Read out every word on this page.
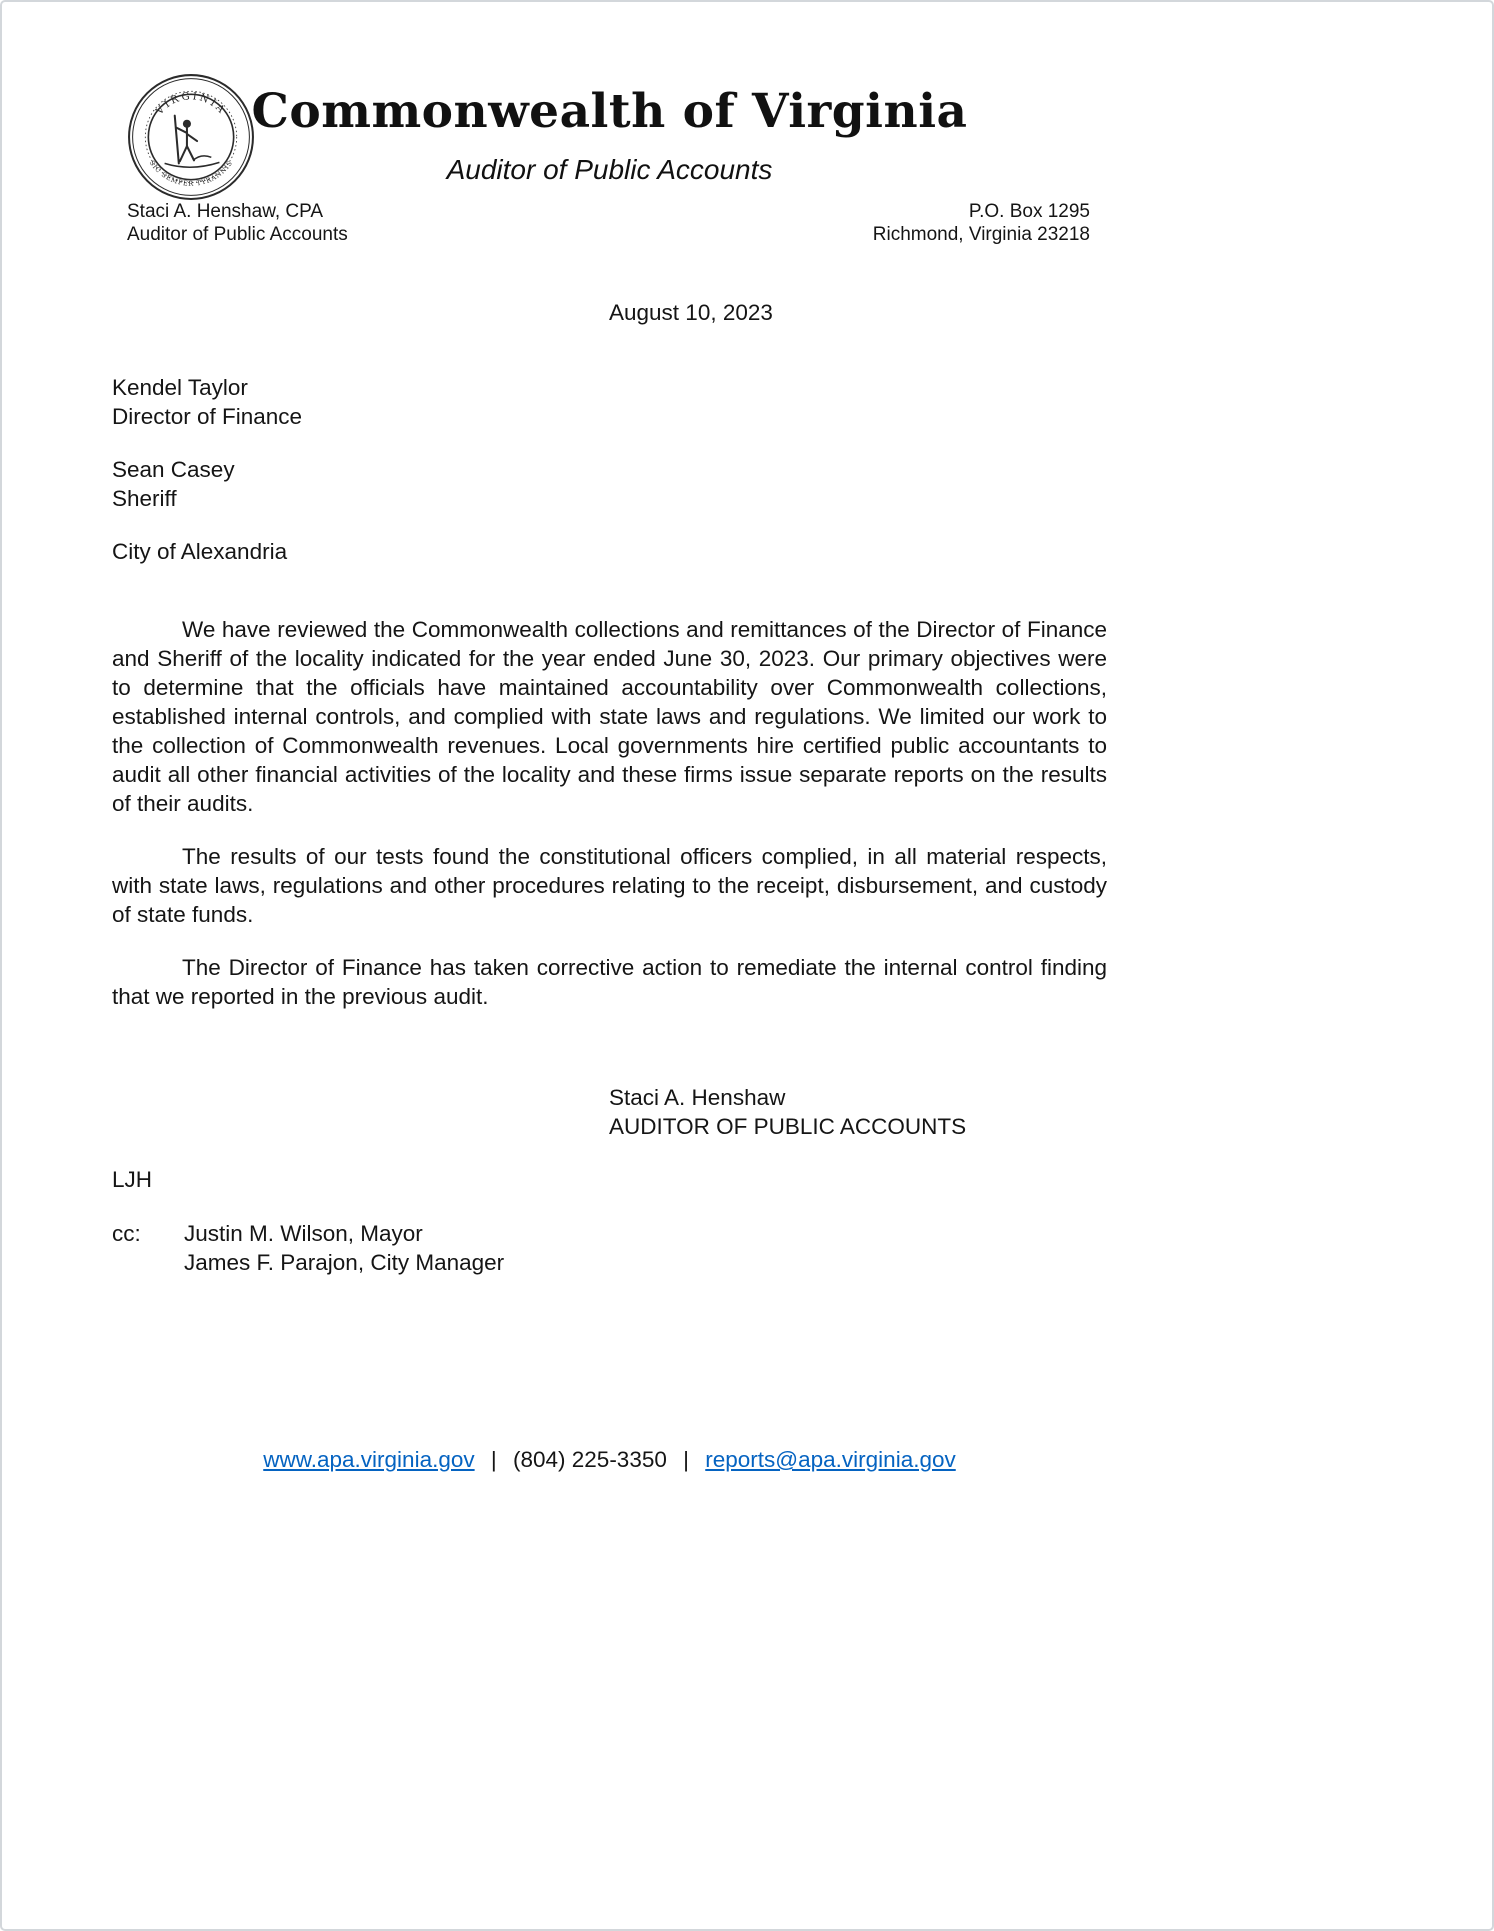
VIRGINIA
SIC SEMPER TYRANNIS
Commonwealth of Virginia
Auditor of Public Accounts
Staci A. Henshaw, CPA
Auditor of Public Accounts
P.O. Box 1295
Richmond, Virginia 23218
August 10, 2023
Kendel Taylor
Director of Finance
Sean Casey
Sheriff
City of Alexandria

We have reviewed the Commonwealth collections and remittances of the Director of Finance and Sheriff of the locality indicated for the year ended June 30, 2023. Our primary objectives were to determine that the officials have maintained accountability over Commonwealth collections, established internal controls, and complied with state laws and regulations. We limited our work to the collection of Commonwealth revenues. Local governments hire certified public accountants to audit all other financial activities of the locality and these firms issue separate reports on the results of their audits.

The results of our tests found the constitutional officers complied, in all material respects, with state laws, regulations and other procedures relating to the receipt, disbursement, and custody of state funds.

The Director of Finance has taken corrective action to remediate the internal control finding that we reported in the previous audit.

Staci A. Henshaw
AUDITOR OF PUBLIC ACCOUNTS
LJH
cc:	Justin M. Wilson, Mayor
James F. Parajon, City Manager
www.apa.virginia.gov | (804) 225-3350 | reports@apa.virginia.gov
